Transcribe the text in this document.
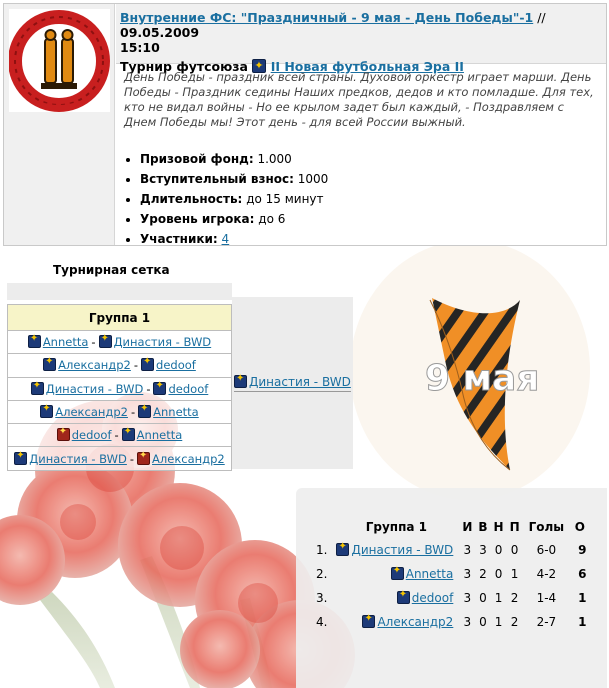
9 мая
Внутренние ФС: "Праздничный - 9 мая - День Победы"-1 // 09.05.2009
15:10
Турнир футсоюза ✦ II Новая футбольная Эра II
День Победы - праздник всей страны. Духовой оркестр играет марши. День Победы - Праздник седины Наших предков, дедов и кто помладше. Для тех, кто не видал войны - Но ее крылом задет был каждый, - Поздравляем с Днем Победы мы! Этот день - для всей России выжный.
• Призовой фонд: 1.000
• Вступительный взнос: 1000
• Длительность: до 15 минут
• Уровень игрока: до 6
• Участники: 4
Турнирная сетка
Группа 1
✦Annetta - ✦ Династия - BWD
✦Александр2 - ✦ dedoof
✦Династия - BWD - ✦ dedoof
✦Александр2 - ✦ Annetta
✦dedoof - ✦ Annetta
✦Династия - BWD - ✦ Александр2
✦Династия - BWD
	Группа 1	И	В	Н	П	Голы	О
1.	✦Династия - BWD	3	3	0	0	6-0	9
2.	✦Annetta	3	2	0	1	4-2	6
3.	✦dedoof	3	0	1	2	1-4	1
4.	✦Александр2	3	0	1	2	2-7	1
